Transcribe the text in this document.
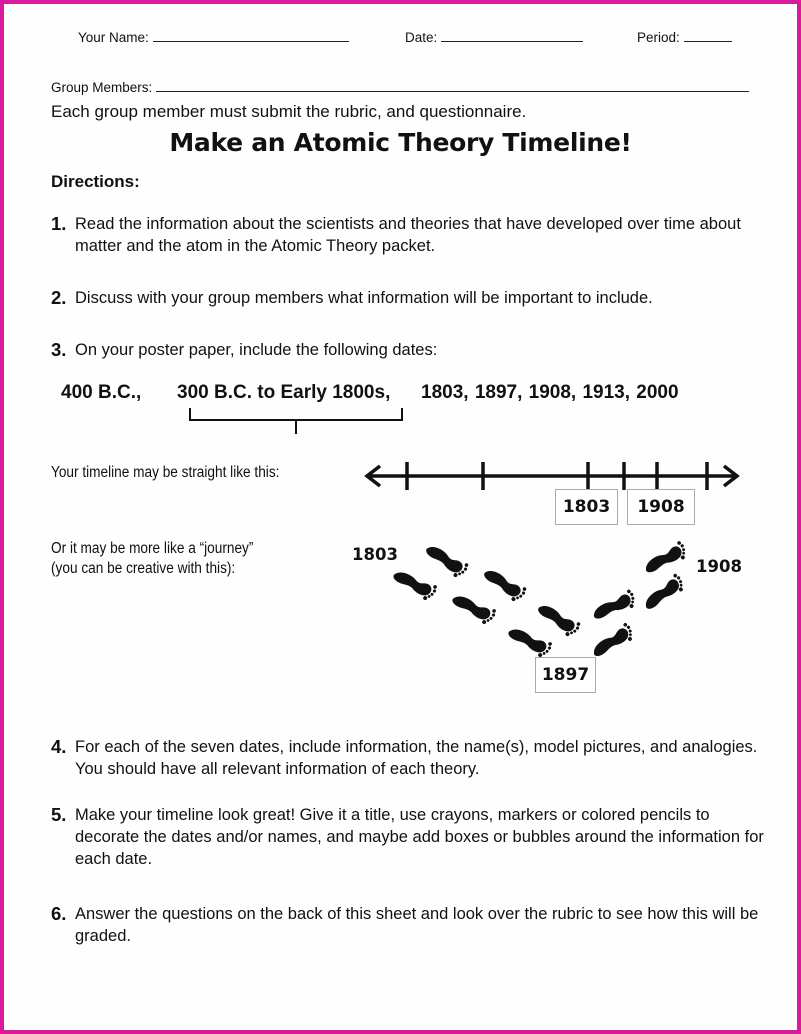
Your Name:	Date:	Period:
Group Members:
Each group member must submit the rubric, and questionnaire.
Make an Atomic Theory Timeline!
Directions:
1. Read the information about the scientists and theories that have developed over time about matter and the atom in the Atomic Theory packet.
2. Discuss with your group members what information will be important to include.
3. On your poster paper, include the following dates:
400 B.C., 300 B.C. to Early 1800s, 1803, 1897, 1908, 1913, 2000
Your timeline may be straight like this:
Or it may be more like a “journey”
(you can be creative with this):
1803	1908
1803
1908
1897
4. For each of the seven dates, include information, the name(s), model pictures, and analogies. You should have all relevant information of each theory.
5. Make your timeline look great! Give it a title, use crayons, markers or colored pencils to decorate the dates and/or names, and maybe add boxes or bubbles around the information for each date.
6. Answer the questions on the back of this sheet and look over the rubric to see how this will be graded.
